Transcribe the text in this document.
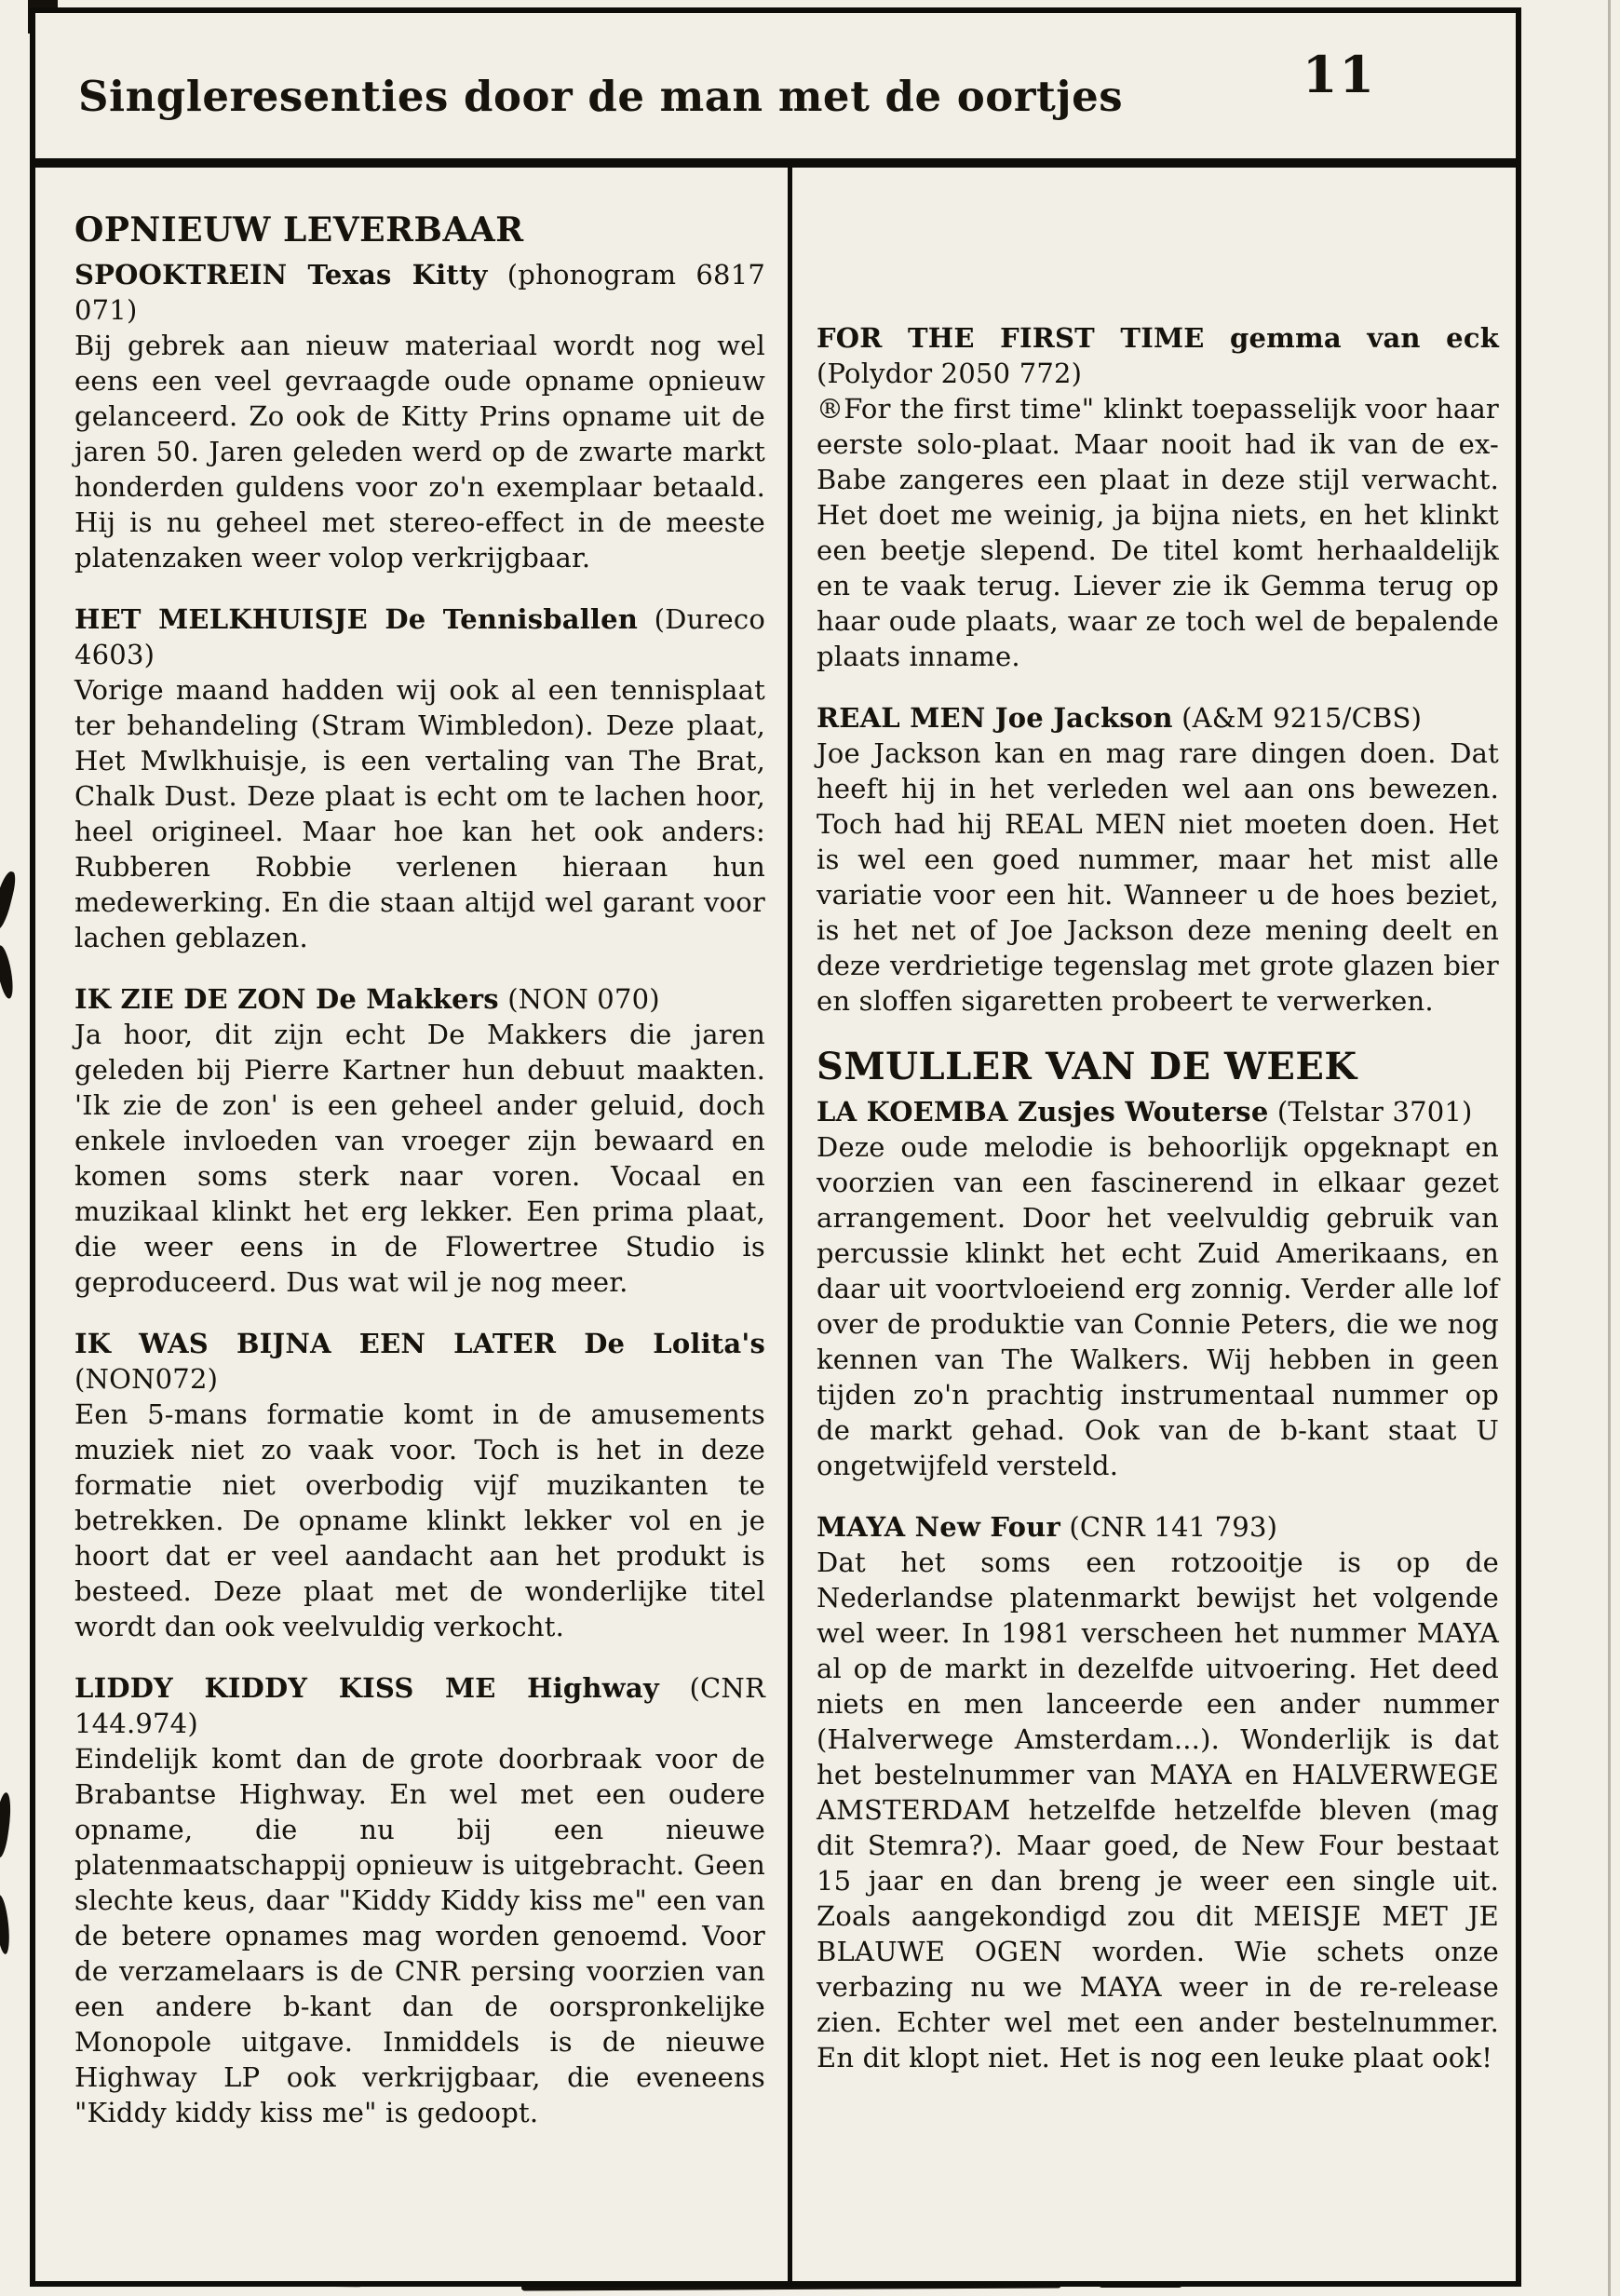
Singleresenties door de man met de oortjes	11
OPNIEUW LEVERBAAR

SPOOKTREIN Texas Kitty (phonogram 6817 071)

Bij gebrek aan nieuw materiaal wordt nog wel eens een veel gevraagde oude opname opnieuw gelanceerd. Zo ook de Kitty Prins opname uit de jaren 50. Jaren geleden werd op de zwarte markt honderden guldens voor zo'n exemplaar betaald. Hij is nu geheel met stereo-effect in de meeste platenzaken weer volop verkrijgbaar.

HET MELKHUISJE De Tennisballen (Dureco 4603)

Vorige maand hadden wij ook al een tennisplaat ter behandeling (Stram Wimbledon). Deze plaat, Het Mwlkhuisje, is een vertaling van The Brat, Chalk Dust. Deze plaat is echt om te lachen hoor, heel origineel. Maar hoe kan het ook anders: Rubberen Robbie verlenen hieraan hun medewerking. En die staan altijd wel garant voor lachen geblazen.

IK ZIE DE ZON De Makkers (NON 070)

Ja hoor, dit zijn echt De Makkers die jaren geleden bij Pierre Kartner hun debuut maakten. 'Ik zie de zon' is een geheel ander geluid, doch enkele invloeden van vroeger zijn bewaard en komen soms sterk naar voren. Vocaal en muzikaal klinkt het erg lekker. Een prima plaat, die weer eens in de Flowertree Studio is geproduceerd. Dus wat wil je nog meer.

IK WAS BIJNA EEN LATER De Lolita's (NON072)

Een 5-mans formatie komt in de amusements muziek niet zo vaak voor. Toch is het in deze formatie niet overbodig vijf muzikanten te betrekken. De opname klinkt lekker vol en je hoort dat er veel aandacht aan het produkt is besteed. Deze plaat met de wonderlijke titel wordt dan ook veelvuldig verkocht.

LIDDY KIDDY KISS ME Highway (CNR 144.974)

Eindelijk komt dan de grote doorbraak voor de Brabantse Highway. En wel met een oudere opname, die nu bij een nieuwe platenmaatschappij opnieuw is uitgebracht. Geen slechte keus, daar "Kiddy Kiddy kiss me" een van de betere opnames mag worden genoemd. Voor de verzamelaars is de CNR persing voorzien van een andere b-kant dan de oorspronkelijke Monopole uitgave. Inmiddels is de nieuwe Highway LP ook verkrijgbaar, die eveneens "Kiddy kiddy kiss me" is gedoopt.

FOR THE FIRST TIME gemma van eck (Polydor 2050 772)

®For the first time" klinkt toepasselijk voor haar eerste solo-plaat. Maar nooit had ik van de ex-Babe zangeres een plaat in deze stijl verwacht. Het doet me weinig, ja bijna niets, en het klinkt een beetje slepend. De titel komt herhaaldelijk en te vaak terug. Liever zie ik Gemma terug op haar oude plaats, waar ze toch wel de bepalende plaats inname.

REAL MEN Joe Jackson (A&M 9215/CBS)

Joe Jackson kan en mag rare dingen doen. Dat heeft hij in het verleden wel aan ons bewezen. Toch had hij REAL MEN niet moeten doen. Het is wel een goed nummer, maar het mist alle variatie voor een hit. Wanneer u de hoes beziet, is het net of Joe Jackson deze mening deelt en deze verdrietige tegenslag met grote glazen bier en sloffen sigaretten probeert te verwerken.

SMULLER VAN DE WEEK

LA KOEMBA Zusjes Wouterse (Telstar 3701)

Deze oude melodie is behoorlijk opgeknapt en voorzien van een fascinerend in elkaar gezet arrangement. Door het veelvuldig gebruik van percussie klinkt het echt Zuid Amerikaans, en daar uit voortvloeiend erg zonnig. Verder alle lof over de produktie van Connie Peters, die we nog kennen van The Walkers. Wij hebben in geen tijden zo'n prachtig instrumentaal nummer op de markt gehad. Ook van de b-kant staat U ongetwijfeld versteld.

MAYA New Four (CNR 141 793)

Dat het soms een rotzooitje is op de Nederlandse platenmarkt bewijst het volgende wel weer. In 1981 verscheen het nummer MAYA al op de markt in dezelfde uitvoering. Het deed niets en men lanceerde een ander nummer (Halverwege Amsterdam...). Wonderlijk is dat het bestelnummer van MAYA en HALVERWEGE AMSTERDAM hetzelfde hetzelfde bleven (mag dit Stemra?). Maar goed, de New Four bestaat 15 jaar en dan breng je weer een single uit. Zoals aangekondigd zou dit MEISJE MET JE BLAUWE OGEN worden. Wie schets onze verbazing nu we MAYA weer in de re-release zien. Echter wel met een ander bestelnummer. En dit klopt niet. Het is nog een leuke plaat ook!
